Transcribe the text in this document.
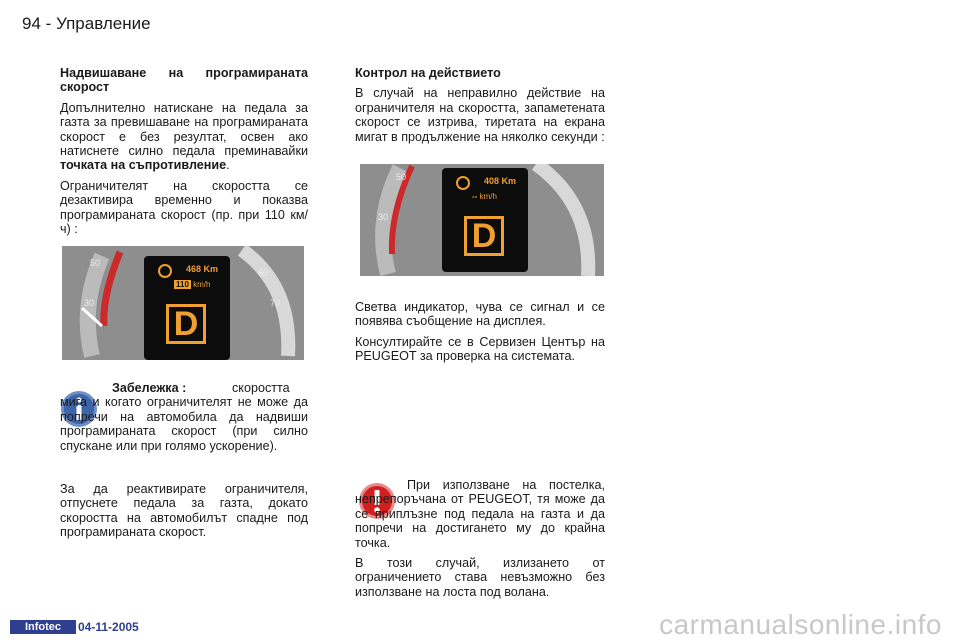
94 - Управление
Надвишаване на програмираната скорост

Допълнително натискане на педала за газта за превишаване на програмираната скорост е без резултат, освен ако натиснете силно педала преминавайки точката на съпротивление.

Ограничителят на скоростта се дезактивира временно и показва програмираната скорост (пр. при 110 км/ч) :

50
30
60
70
468 Km
110 km/h
D
Забележка :	скоростта мига и когато ограничителят не може да попречи на автомобила да надвиши програмираната скорост (при силно спускане или при голямо ускорение).

За да реактивирате ограничителя, отпуснете педала за газта, докато скоростта на автомобилът спадне под програмираната скорост.

Контрол на действието

В случай на неправилно действие на ограничителя на скоростта, запаметената скорост се изтрива, тиретата на екрана мигат в продължение на няколко секунди :

50
30
408 Km
-- km/h
D

Светва индикатор, чува се сигнал и се появява съобщение на дисплея.

Консултирайте се в Сервизен Център на PEUGEOT за проверка на системата.

При използване на постелка, непрепоръчана от PEUGEOT, тя може да се приплъзне под педала на газта и да попречи на достигането му до крайна точка.

В този случай, излизането от ограничението става невъзможно без използване на лоста под волана.

Infotec	04-11-2005	carmanualsonline.info
